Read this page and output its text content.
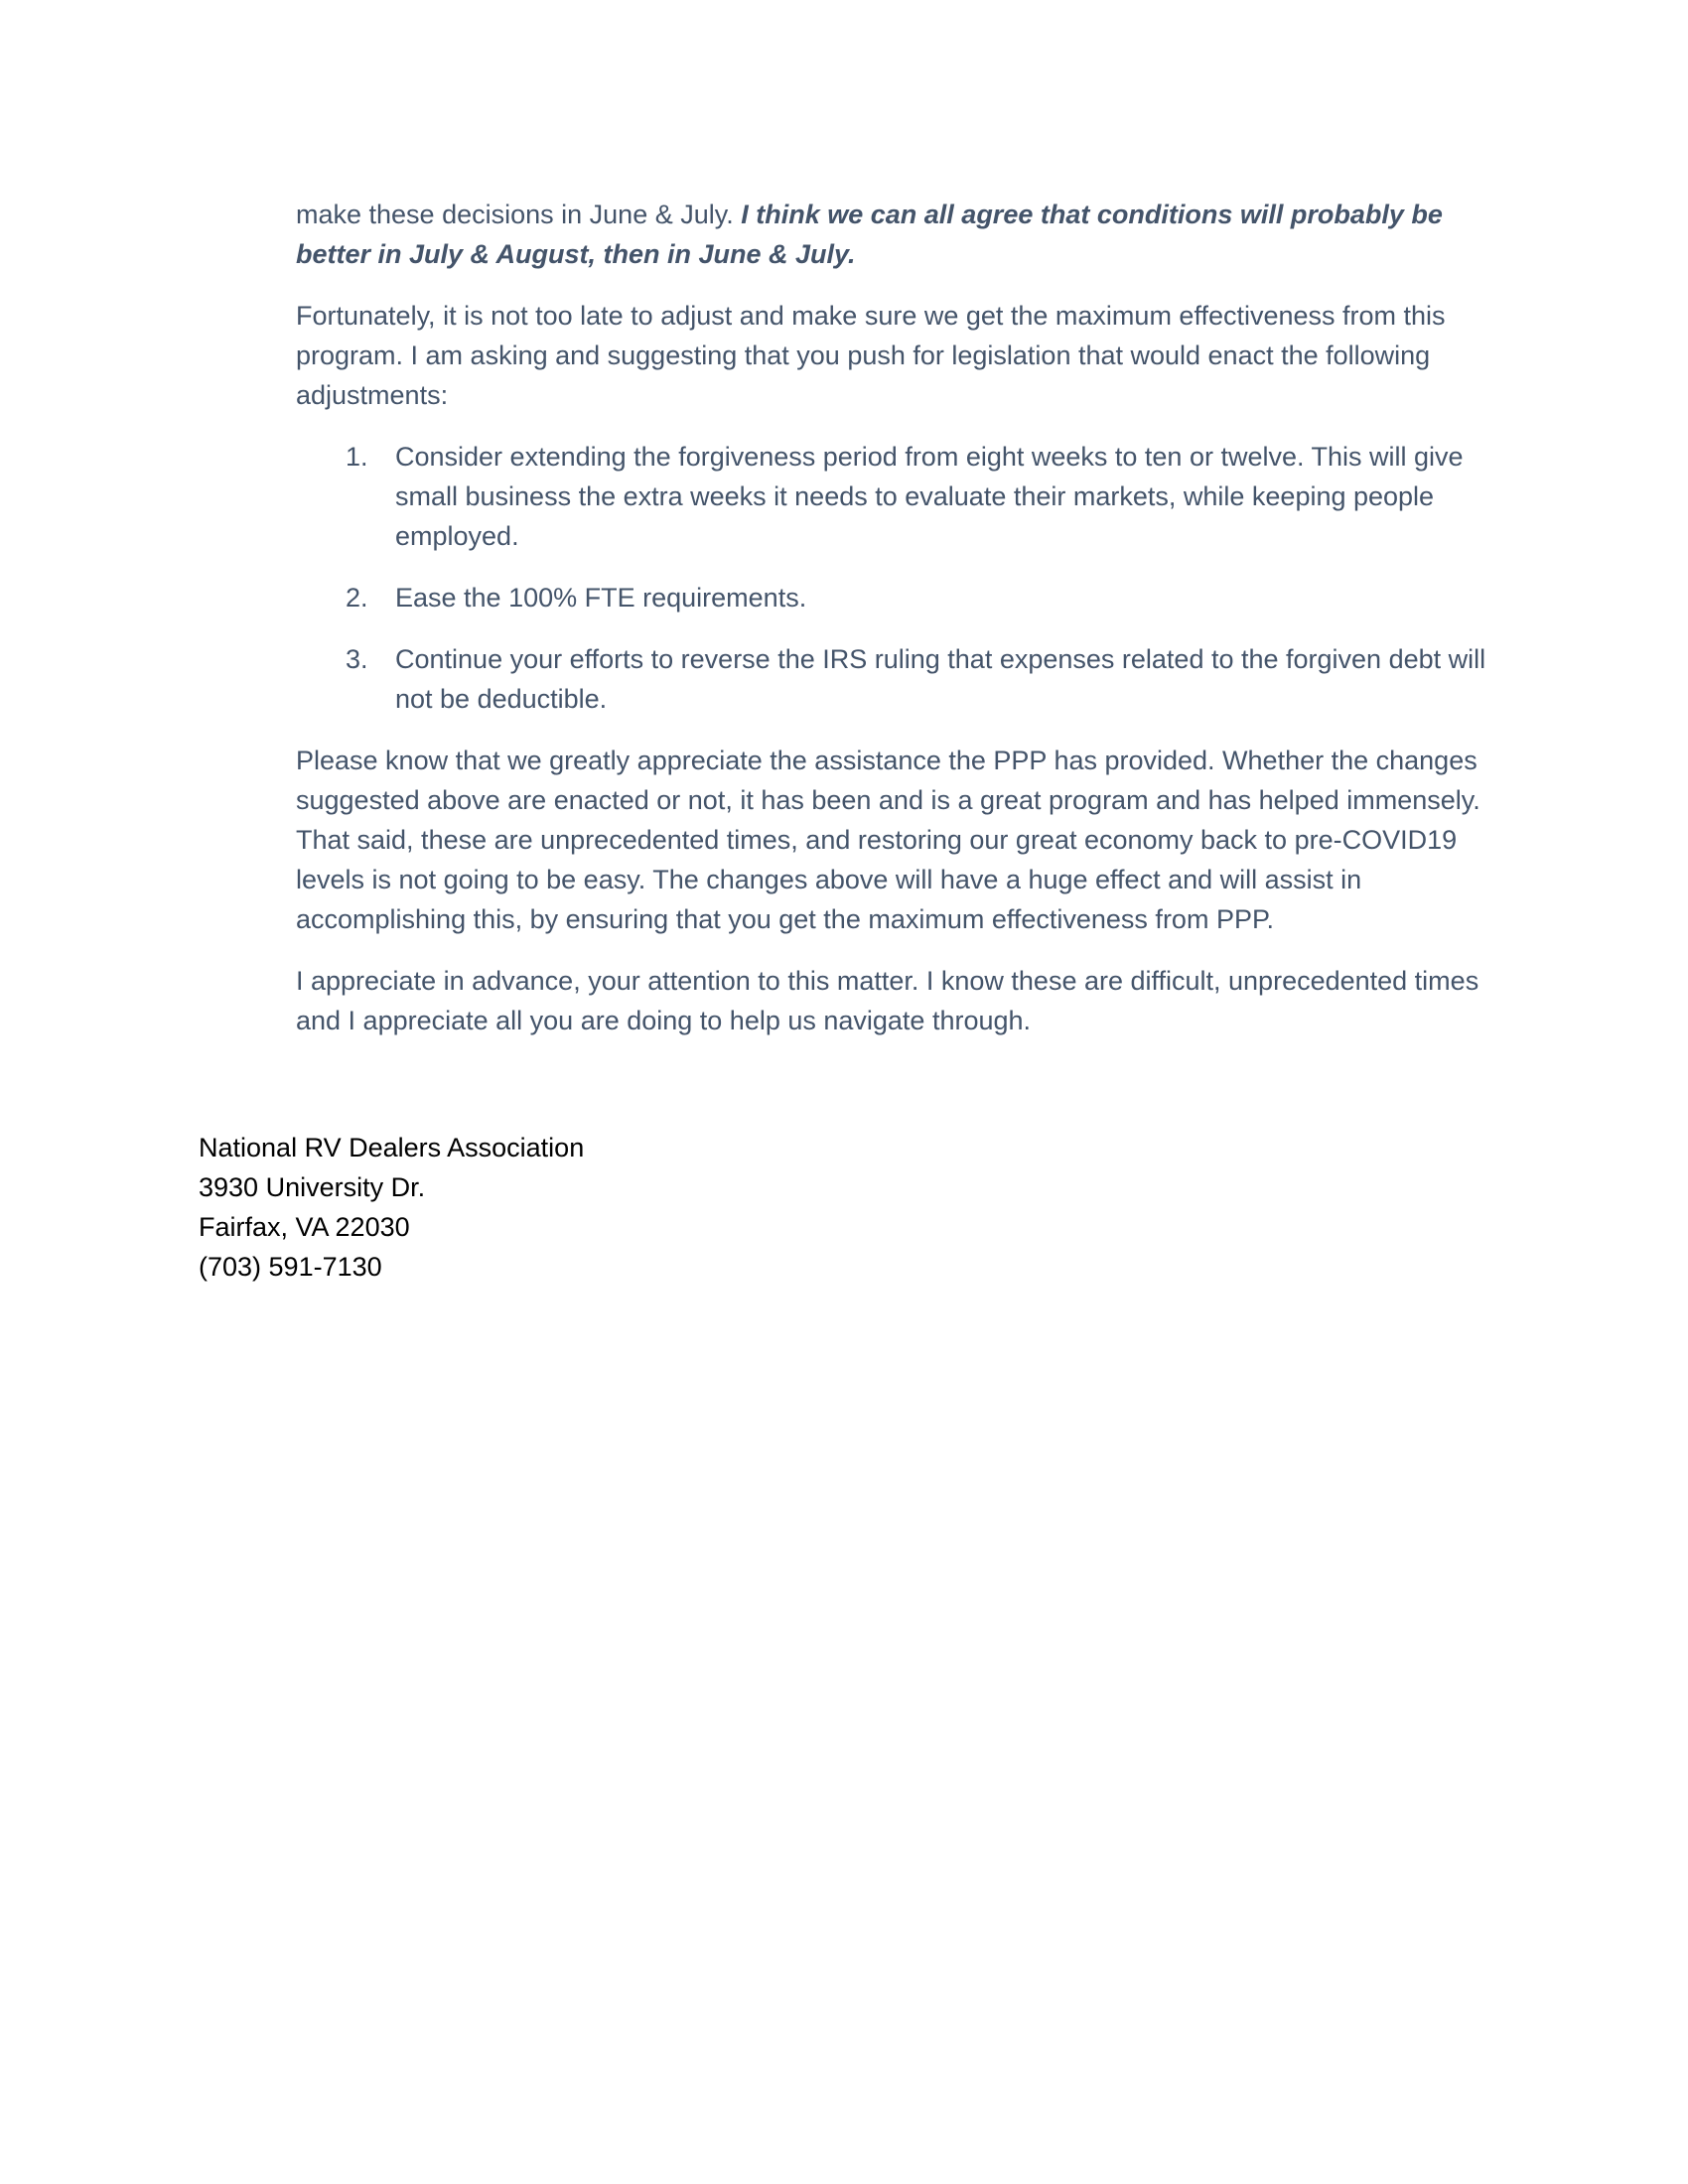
make these decisions in June & July. I think we can all agree that conditions will probably be better in July & August, then in June & July.

Fortunately, it is not too late to adjust and make sure we get the maximum effectiveness from this program. I am asking and suggesting that you push for legislation that would enact the following adjustments:

1. Consider extending the forgiveness period from eight weeks to ten or twelve. This will give small business the extra weeks it needs to evaluate their markets, while keeping people employed.
2. Ease the 100% FTE requirements.
3. Continue your efforts to reverse the IRS ruling that expenses related to the forgiven debt will not be deductible.

Please know that we greatly appreciate the assistance the PPP has provided. Whether the changes suggested above are enacted or not, it has been and is a great program and has helped immensely. That said, these are unprecedented times, and restoring our great economy back to pre-COVID19 levels is not going to be easy. The changes above will have a huge effect and will assist in accomplishing this, by ensuring that you get the maximum effectiveness from PPP.

I appreciate in advance, your attention to this matter. I know these are difficult, unprecedented times and I appreciate all you are doing to help us navigate through.

National RV Dealers Association
3930 University Dr.
Fairfax, VA 22030
(703) 591-7130
